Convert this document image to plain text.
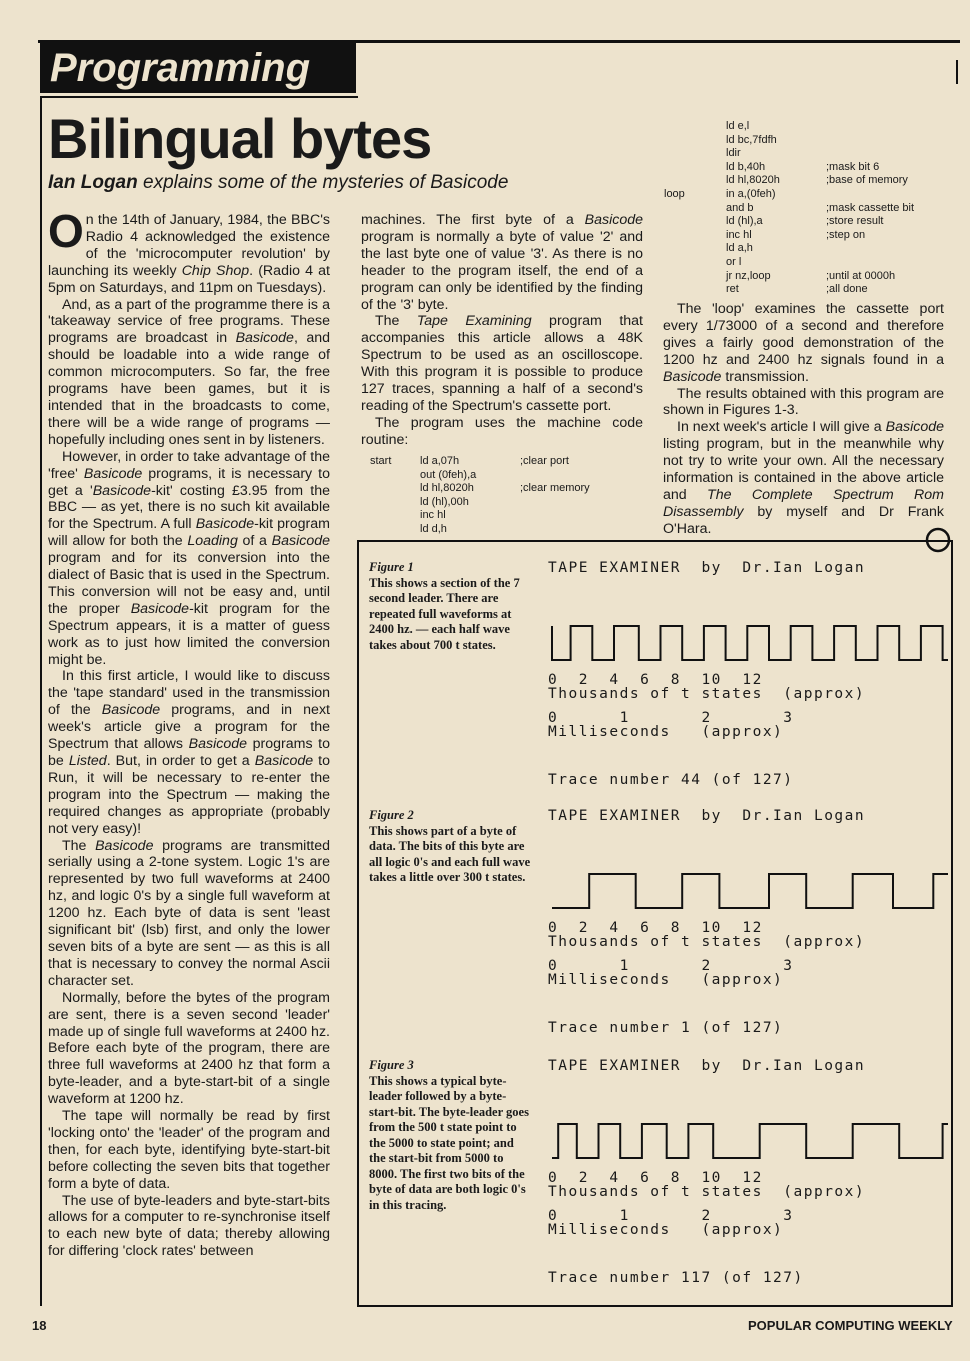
Programming
Bilingual bytes
Ian Logan explains some of the mysteries of Basicode

On the 14th of January, 1984, the BBC's Radio 4 acknowledged the existence of the 'microcomputer revolution' by launching its weekly Chip Shop. (Radio 4 at 5pm on Saturdays, and 11pm on Tuesdays).

And, as a part of the programme there is a 'takeaway service of free programs. These programs are broadcast in Basicode, and should be loadable into a wide range of common microcomputers. So far, the free programs have been games, but it is intended that in the broadcasts to come, there will be a wide range of programs — hopefully including ones sent in by listeners.

However, in order to take advantage of the 'free' Basicode programs, it is necessary to get a 'Basicode-kit' costing £3.95 from the BBC — as yet, there is no such kit available for the Spectrum. A full Basicode-kit program will allow for both the Loading of a Basicode program and for its conversion into the dialect of Basic that is used in the Spectrum. This conversion will not be easy and, until the proper Basicode-kit program for the Spectrum appears, it is a matter of guess work as to just how limited the conversion might be.

In this first article, I would like to discuss the 'tape standard' used in the transmission of the Basicode programs, and in next week's article give a program for the Spectrum that allows Basicode programs to be Listed. But, in order to get a Basicode to Run, it will be necessary to re-enter the program into the Spectrum — making the required changes as appropriate (probably not very easy)!

The Basicode programs are transmitted serially using a 2-tone system. Logic 1's are represented by two full waveforms at 2400 hz, and logic 0's by a single full waveform at 1200 hz. Each byte of data is sent 'least significant bit' (lsb) first, and only the lower seven bits of a byte are sent — as this is all that is necessary to convey the normal Ascii character set.

Normally, before the bytes of the program are sent, there is a seven second 'leader' made up of single full waveforms at 2400 hz. Before each byte of the program, there are three full waveforms at 2400 hz that form a byte-leader, and a byte-start-bit of a single waveform at 1200 hz.

The tape will normally be read by first 'locking onto' the 'leader' of the program and then, for each byte, identifying byte-start-bit before collecting the seven bits that together form a byte of data.

The use of byte-leaders and byte-start-bits allows for a computer to re-synchronise itself to each new byte of data; thereby allowing for differing 'clock rates' between

machines. The first byte of a Basicode program is normally a byte of value '2' and the last byte one of value '3'. As there is no header to the program itself, the end of a program can only be identified by the finding of the '3' byte.

The Tape Examining program that accompanies this article allows a 48K Spectrum to be used as an oscilloscope. With this program it is possible to produce 127 traces, spanning a half of a second's reading of the Spectrum's cassette port.

The program uses the machine code routine:

start	ld a,07h	;clear port
out (0feh),a
ld hl,8020h	;clear memory
ld (hl),00h
inc hl
ld d,h
ld e,l
ld bc,7fdfh
ldir
ld b,40h	;mask bit 6
ld hl,8020h	;base of memory
loop	in a,(0feh)
and b	;mask cassette bit
ld (hl),a	;store result
inc hl	;step on
ld a,h
or l
jr nz,loop	;until at 0000h
ret	;all done

The 'loop' examines the cassette port every 1/73000 of a second and therefore gives a fairly good demonstration of the 1200 hz and 2400 hz signals found in a Basicode transmission.

The results obtained with this program are shown in Figures 1-3.

In next week's article I will give a Basicode listing program, but in the meanwhile why not try to write your own. All the necessary information is contained in the above article and The Complete Spectrum Rom Disassembly by myself and Dr Frank O'Hara.

Figure 1
This shows a section of the 7 second leader. There are repeated full waveforms at 2400 hz. — each half wave takes about 700 t states.
TAPE EXAMINER  by  Dr.Ian Logan
0  2  4  6  8  10  12
Thousands of t states  (approx)
0      1       2       3
Milliseconds   (approx)
Trace number 44 (of 127)
Figure 2
This shows part of a byte of data. The bits of this byte are all logic 0's and each full wave takes a little over 300 t states.
TAPE EXAMINER  by  Dr.Ian Logan
0  2  4  6  8  10  12
Thousands of t states  (approx)
0      1       2       3
Milliseconds   (approx)
Trace number 1 (of 127)
Figure 3
This shows a typical byte-leader followed by a byte-start-bit. The byte-leader goes from the 500 t state point to the 5000 to state point; and the start-bit from 5000 to 8000. The first two bits of the byte of data are both logic 0's in this tracing.
TAPE EXAMINER  by  Dr.Ian Logan
0  2  4  6  8  10  12
Thousands of t states  (approx)
0      1       2       3
Milliseconds   (approx)
Trace number 117 (of 127)
18	POPULAR COMPUTING WEEKLY
